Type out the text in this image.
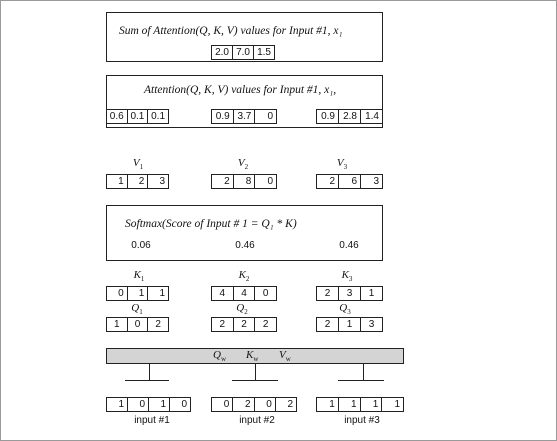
Sum of Attention(Q, K, V) values for Input #1, x₁
2.0 7.0 1.5
Attention(Q, K, V) values for Input #1, x₁,
0.6 0.1 0.1	0.9 3.7	0	0.9 2.8 1.4
$V_1$
1	2	3
$V_2$
2	8	0
$V_3$
2	6	3
Softmax(Score of Input # 1 = Q₁ * K)
0.06	0.46	0.46
$K_1$
0	1	1
$K_2$
4	4	0
$K_3$
2	3	1
$Q_1$
1	0	2
$Q_2$
2	2	2
$Q_3$
2	1	3
$Q_w$ $K_w$ $V_w$
1	0	1	0
input #1
0	2	0	2
input #2
1	1	1	1
input #3
